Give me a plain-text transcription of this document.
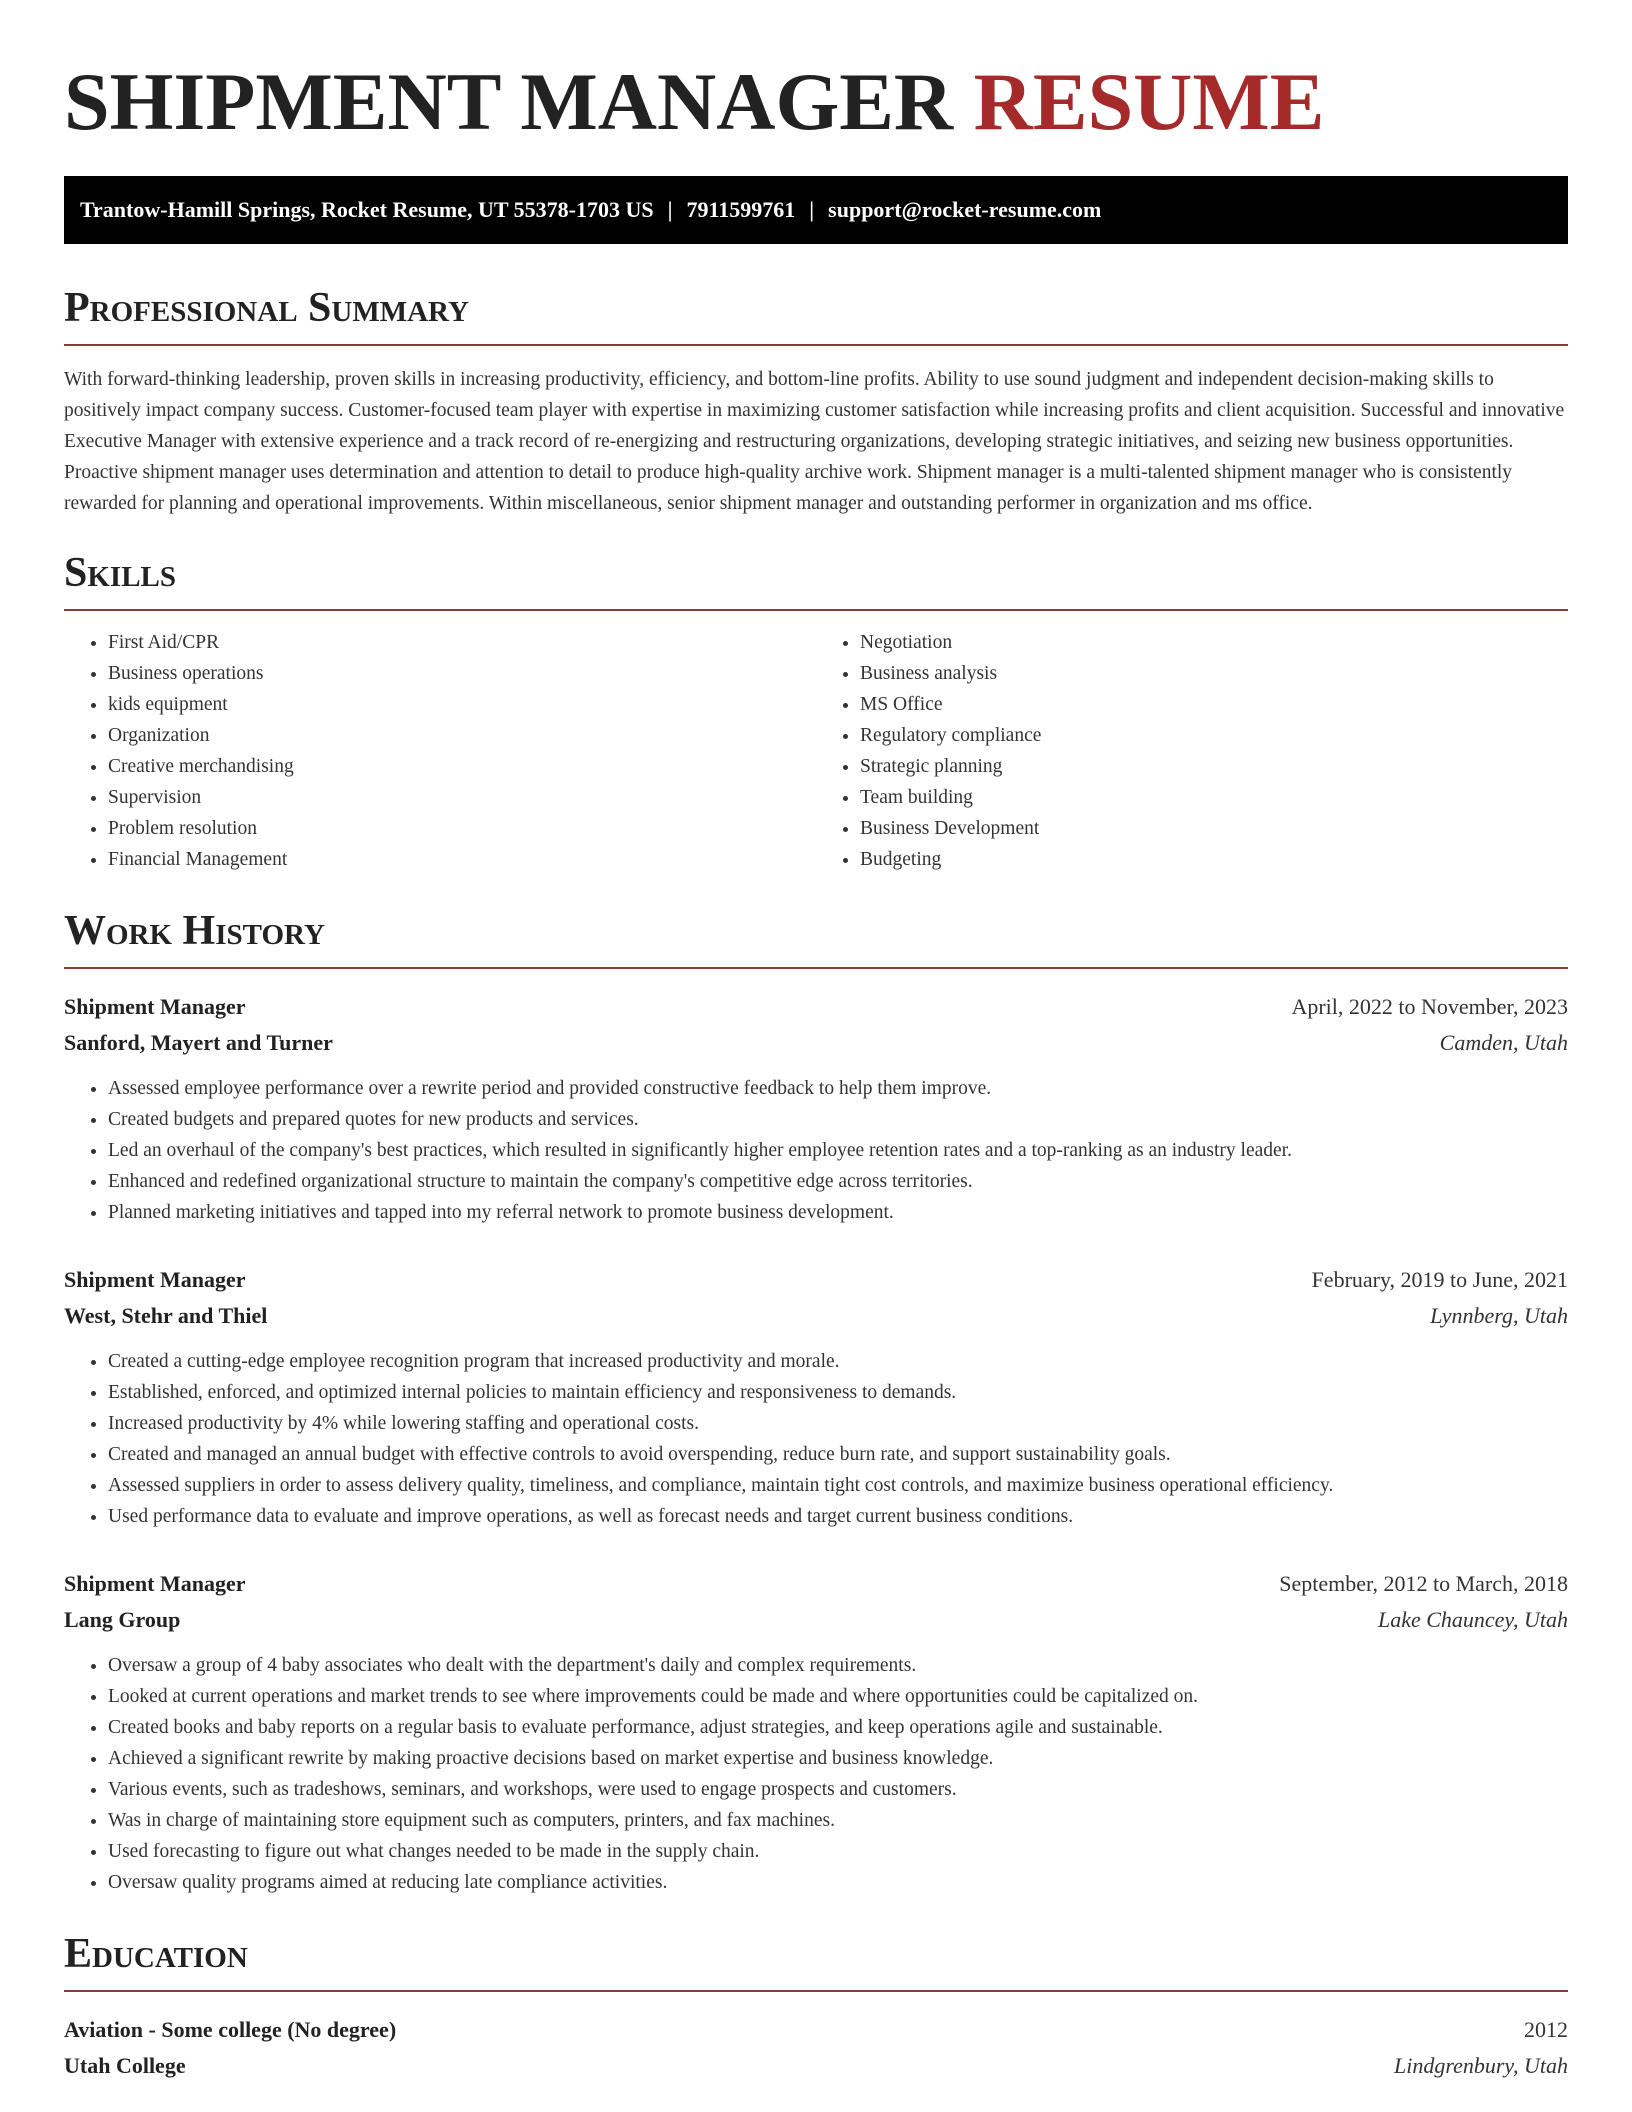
SHIPMENT MANAGER RESUME
Trantow-Hamill Springs, Rocket Resume, UT 55378-1703 US | 7911599761 | support@rocket-resume.com
Professional Summary

With forward-thinking leadership, proven skills in increasing productivity, efficiency, and bottom-line profits. Ability to use sound judgment and independent decision-making skills to positively impact company success. Customer-focused team player with expertise in maximizing customer satisfaction while increasing profits and client acquisition. Successful and innovative Executive Manager with extensive experience and a track record of re-energizing and restructuring organizations, developing strategic initiatives, and seizing new business opportunities. Proactive shipment manager uses determination and attention to detail to produce high-quality archive work. Shipment manager is a multi-talented shipment manager who is consistently rewarded for planning and operational improvements. Within miscellaneous, senior shipment manager and outstanding performer in organization and ms office.

Skills
• First Aid/CPR
• Business operations
• kids equipment
• Organization
• Creative merchandising
• Supervision
• Problem resolution
• Financial Management
• Negotiation
• Business analysis
• MS Office
• Regulatory compliance
• Strategic planning
• Team building
• Business Development
• Budgeting
Work History
Shipment Manager	April, 2022 to November, 2023
Sanford, Mayert and Turner	Camden, Utah
• Assessed employee performance over a rewrite period and provided constructive feedback to help them improve.
• Created budgets and prepared quotes for new products and services.
• Led an overhaul of the company's best practices, which resulted in significantly higher employee retention rates and a top-ranking as an industry leader.
• Enhanced and redefined organizational structure to maintain the company's competitive edge across territories.
• Planned marketing initiatives and tapped into my referral network to promote business development.
Shipment Manager	February, 2019 to June, 2021
West, Stehr and Thiel	Lynnberg, Utah
• Created a cutting-edge employee recognition program that increased productivity and morale.
• Established, enforced, and optimized internal policies to maintain efficiency and responsiveness to demands.
• Increased productivity by 4% while lowering staffing and operational costs.
• Created and managed an annual budget with effective controls to avoid overspending, reduce burn rate, and support sustainability goals.
• Assessed suppliers in order to assess delivery quality, timeliness, and compliance, maintain tight cost controls, and maximize business operational efficiency.
• Used performance data to evaluate and improve operations, as well as forecast needs and target current business conditions.
Shipment Manager	September, 2012 to March, 2018
Lang Group	Lake Chauncey, Utah
• Oversaw a group of 4 baby associates who dealt with the department's daily and complex requirements.
• Looked at current operations and market trends to see where improvements could be made and where opportunities could be capitalized on.
• Created books and baby reports on a regular basis to evaluate performance, adjust strategies, and keep operations agile and sustainable.
• Achieved a significant rewrite by making proactive decisions based on market expertise and business knowledge.
• Various events, such as tradeshows, seminars, and workshops, were used to engage prospects and customers.
• Was in charge of maintaining store equipment such as computers, printers, and fax machines.
• Used forecasting to figure out what changes needed to be made in the supply chain.
• Oversaw quality programs aimed at reducing late compliance activities.
Education
Aviation - Some college (No degree)	2012
Utah College	Lindgrenbury, Utah
